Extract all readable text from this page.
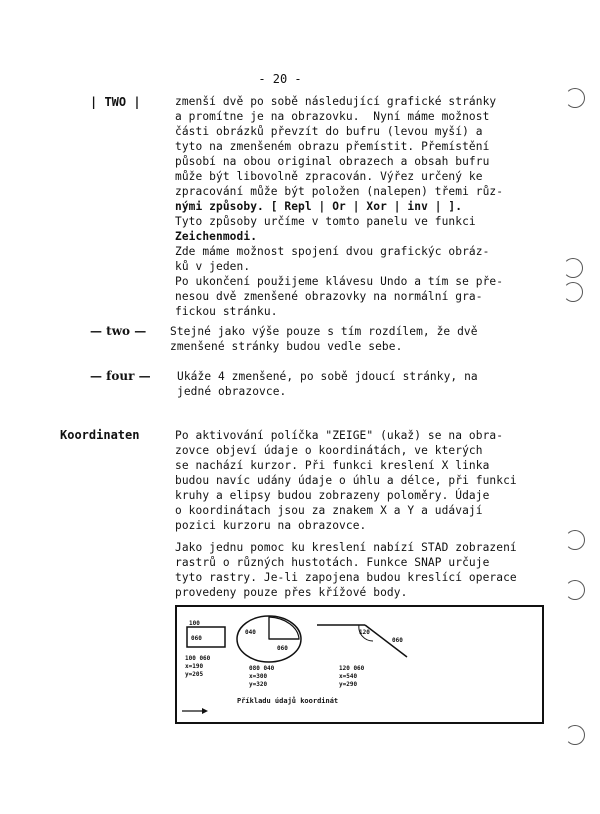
- 20 -
| TWO |	zmenší dvě po sobě následující grafické stránky
a promítne je na obrazovku.  Nyní máme možnost
části obrázků převzít do bufru (levou myší) a
tyto na zmenšeném obrazu přemístit. Přemístění
působí na obou original obrazech a obsah bufru
může být libovolně zpracován. Výřez určený ke
zpracování může být položen (nalepen) třemi růz-
nými způsoby. [ Repl | Or | Xor | inv | ].
Tyto způsoby určíme v tomto panelu ve funkci
Zeichenmodi.
Zde máme možnost spojení dvou grafickýc obráz-
ků v jeden.
Po ukončení použijeme klávesu Undo a tím se pře-
nesou dvě zmenšené obrazovky na normální gra-
fickou stránku.
— two — Stejné jako výše pouze s tím rozdílem, že dvě
zmenšené stránky budou vedle sebe.
— four — Ukáže 4 zmenšené, po sobě jdoucí stránky, na
jedné obrazovce.
Koordinaten	Po aktivování políčka "ZEIGE" (ukaž) se na obra-
zovce objeví údaje o koordinátách, ve kterých
se nachází kurzor. Při funkci kreslení X linka
budou navíc udány údaje o úhlu a délce, při funkci
kruhy a elipsy budou zobrazeny poloměry. Údaje
o koordinátach jsou za znakem X a Y a udávají
pozici kurzoru na obrazovce.
Jako jednu pomoc ku kreslení nabízí STAD zobrazení
rastrů o různých hustotách. Funkce SNAP určuje
tyto rastry. Je-li zapojena budou kreslící operace
provedeny pouze přes křížové body.
100
060
100 060
x=190
y=205
040
060
080 040
x=300
y=320
120
060
120 060
x=540
y=290
Příkladu údajů koordinát
